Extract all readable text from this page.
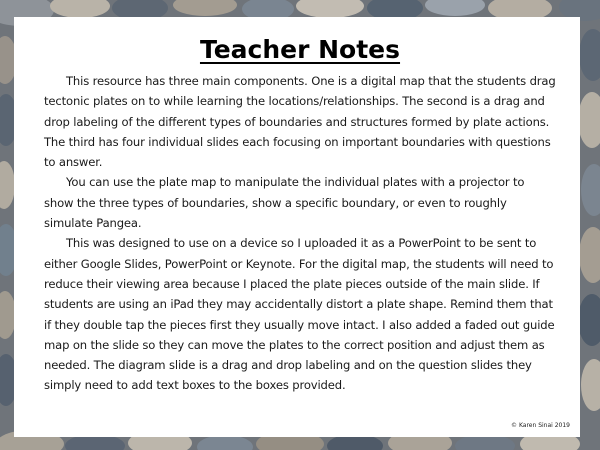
Teacher Notes

This resource has three main components. One is a digital map that the students drag tectonic plates on to while learning the locations/relationships. The second is a drag and drop labeling of the different types of boundaries and structures formed by plate actions. The third has four individual slides each focusing on important boundaries with questions to answer.

You can use the plate map to manipulate the individual plates with a projector to show the three types of boundaries, show a specific boundary, or even to roughly simulate Pangea.

This was designed to use on a device so I uploaded it as a PowerPoint to be sent to either Google Slides, PowerPoint or Keynote. For the digital map, the students will need to reduce their viewing area because I placed the plate pieces outside of the main slide. If students are using an iPad they may accidentally distort a plate shape. Remind them that if they double tap the pieces first they usually move intact. I also added a faded out guide map on the slide so they can move the plates to the correct position and adjust them as needed. The diagram slide is a drag and drop labeling and on the question slides they simply need to add text boxes to the boxes provided.

© Karen Sinai 2019
